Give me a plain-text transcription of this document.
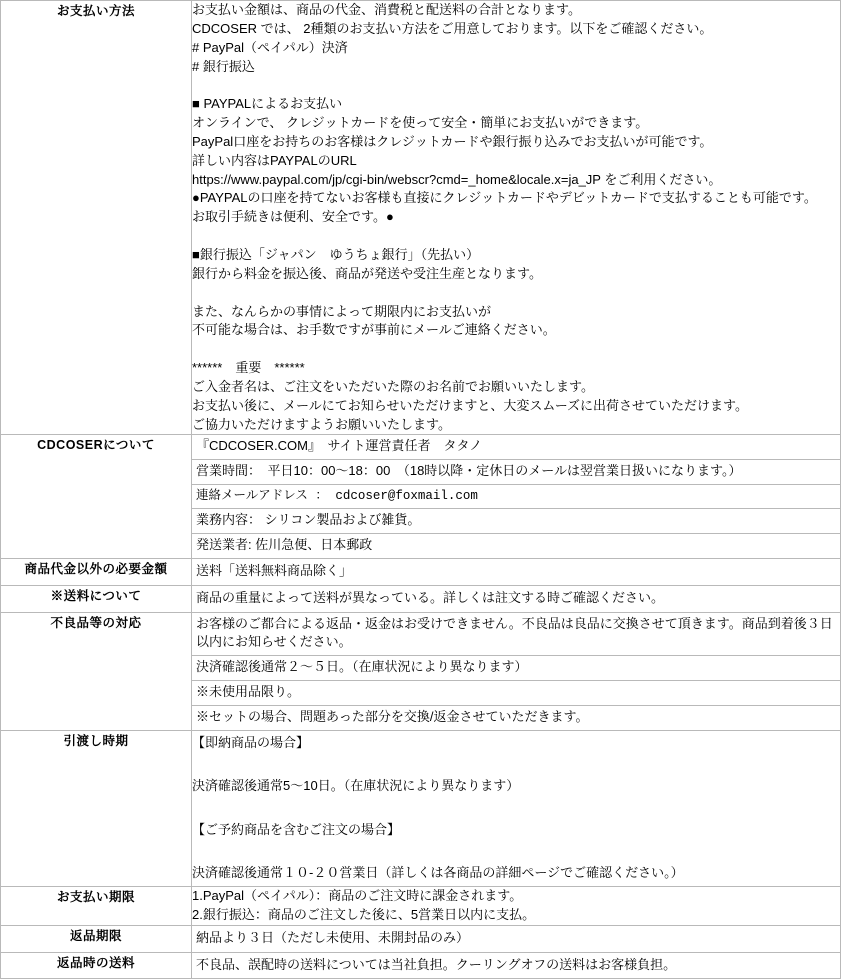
お支払い方法	お支払い金額は、商品の代金、消費税と配送料の合計となります。
CDCOSER では、 2種類のお支払い方法をご用意しております。以下をご確認ください。
# PayPal（ペイパル）決済
# 銀行振込
■ PAYPALによるお支払い
オンラインで、 クレジットカードを使って安全・簡単にお支払いができます。
PayPal口座をお持ちのお客様はクレジットカードや銀行振り込みでお支払いが可能です。
詳しい内容はPAYPALのURL
https://www.paypal.com/jp/cgi-bin/webscr?cmd=_home&locale.x=ja_JP をご利用ください。
●PAYPALの口座を持てないお客様も直接にクレジットカードやデビットカードで支払することも可能です。
お取引手続きは便利、安全です。●
■銀行振込「ジャパン　ゆうちょ銀行」（先払い）
銀行から料金を振込後、商品が発送や受注生産となります。
また、なんらかの事情によって期限内にお支払いが
不可能な場合は、お手数ですが事前にメールご連絡ください。
******　重要　******
ご入金者名は、ご注文をいただいた際のお名前でお願いいたします。
お支払い後に、メールにてお知らせいただけますと、大変スムーズに出荷させていただけます。
ご協力いただけますようお願いいたします。

CDCOSERについて	『CDCOSER.COM』　サイト運営責任者　タタノ
営業時間：　平日10：00～18：00　（18時以降・定休日のメールは翌営業日扱いになります。）
連絡メールアドレス ： cdcoser@foxmail.com
業務内容： シリコン製品および雑貨。
発送業者: 佐川急便、日本郵政

商品代金以外の必要金額	送料「送料無料商品除く」

※送料について	商品の重量によって送料が異なっている。詳しくは註文する時ご確認ください。

不良品等の対応	お客様のご都合による返品・返金はお受けできません。不良品は良品に交換させて頂きます。商品到着後３日以内にお知らせください。
決済確認後通常２～５日。（在庫状況により異なります）
※未使用品限り。
※セットの場合、問題あった部分を交換/返金させていただきます。

引渡し時期	【即納商品の場合】
決済確認後通常5～10日。（在庫状況により異なります）
【ご予約商品を含むご注文の場合】
決済確認後通常１０-２０営業日（詳しくは各商品の詳細ページでご確認ください。）

お支払い期限	1.PayPal（ペイパル）：商品のご注文時に課金されます。
2.銀行振込：商品のご注文した後に、5営業日以内に支払。

返品期限	納品より３日（ただし未使用、未開封品のみ）

返品時の送料	不良品、誤配時の送料については当社負担。クーリングオフの送料はお客様負担。
